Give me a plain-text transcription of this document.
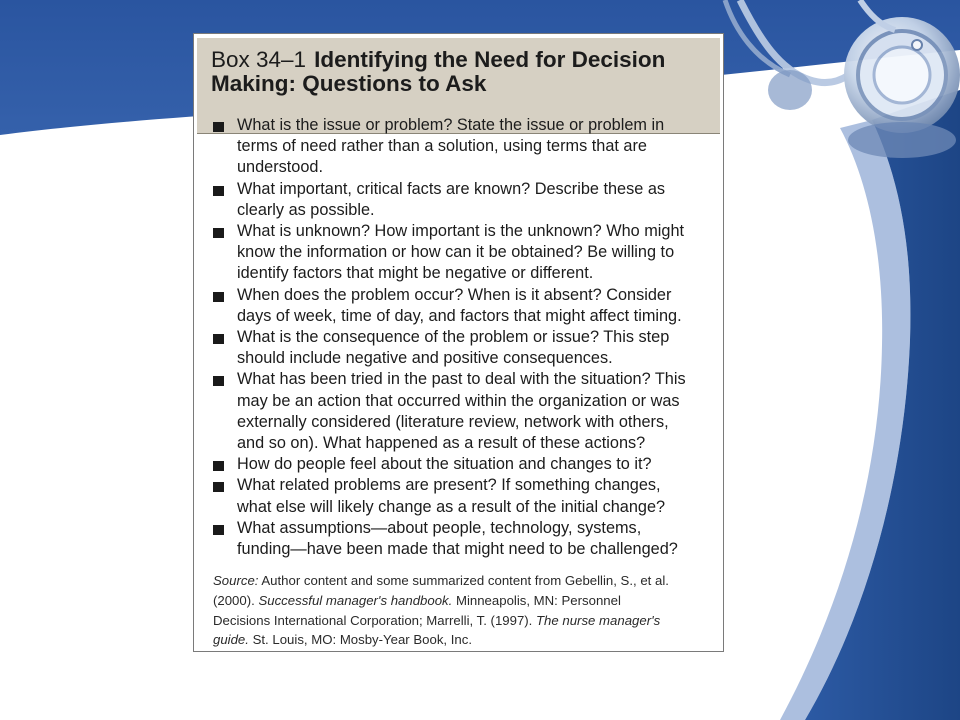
Box 34–1 Identifying the Need for Decision
Making: Questions to Ask
What is the issue or problem? State the issue or problem in
terms of need rather than a solution, using terms that are
understood.
What important, critical facts are known? Describe these as
clearly as possible.
What is unknown? How important is the unknown? Who might
know the information or how can it be obtained? Be willing to
identify factors that might be negative or different.
When does the problem occur? When is it absent? Consider
days of week, time of day, and factors that might affect timing.
What is the consequence of the problem or issue? This step
should include negative and positive consequences.
What has been tried in the past to deal with the situation? This
may be an action that occurred within the organization or was
externally considered (literature review, network with others,
and so on). What happened as a result of these actions?
How do people feel about the situation and changes to it?
What related problems are present? If something changes,
what else will likely change as a result of the initial change?
What assumptions—about people, technology, systems,
funding—have been made that might need to be challenged?
Source: Author content and some summarized content from Gebellin, S., et al.
(2000). Successful manager's handbook. Minneapolis, MN: Personnel
Decisions International Corporation; Marrelli, T. (1997). The nurse manager's
guide. St. Louis, MO: Mosby-Year Book, Inc.
